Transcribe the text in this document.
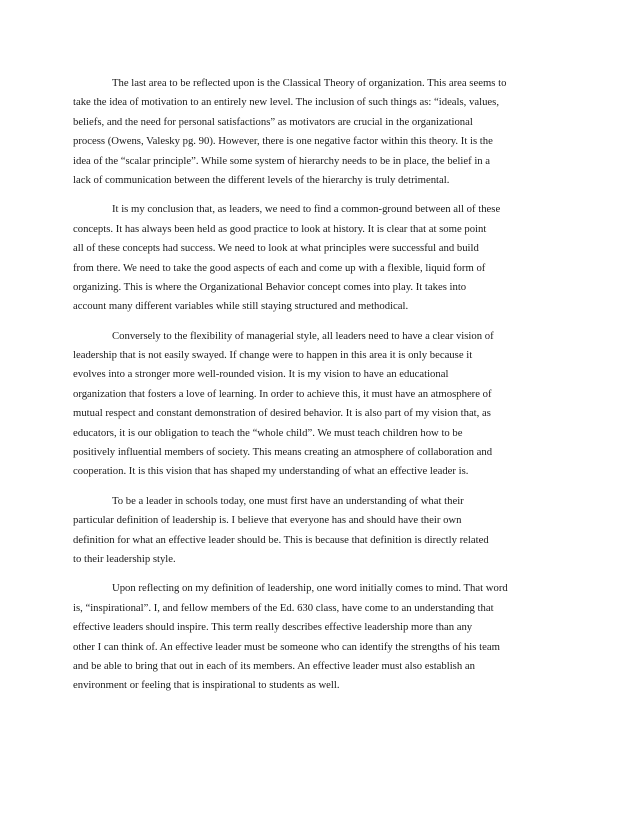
The last area to be reflected upon is the Classical Theory of organization. This area seems to
take the idea of motivation to an entirely new level. The inclusion of such things as: “ideals, values,
beliefs, and the need for personal satisfactions” as motivators are crucial in the organizational
process (Owens, Valesky pg. 90). However, there is one negative factor within this theory. It is the
idea of the “scalar principle”. While some system of hierarchy needs to be in place, the belief in a
lack of communication between the different levels of the hierarchy is truly detrimental.

It is my conclusion that, as leaders, we need to find a common-ground between all of these
concepts. It has always been held as good practice to look at history. It is clear that at some point
all of these concepts had success. We need to look at what principles were successful and build
from there. We need to take the good aspects of each and come up with a flexible, liquid form of
organizing. This is where the Organizational Behavior concept comes into play. It takes into
account many different variables while still staying structured and methodical.

Conversely to the flexibility of managerial style, all leaders need to have a clear vision of
leadership that is not easily swayed. If change were to happen in this area it is only because it
evolves into a stronger more well-rounded vision. It is my vision to have an educational
organization that fosters a love of learning. In order to achieve this, it must have an atmosphere of
mutual respect and constant demonstration of desired behavior. It is also part of my vision that, as
educators, it is our obligation to teach the “whole child”. We must teach children how to be
positively influential members of society. This means creating an atmosphere of collaboration and
cooperation. It is this vision that has shaped my understanding of what an effective leader is.

To be a leader in schools today, one must first have an understanding of what their
particular definition of leadership is. I believe that everyone has and should have their own
definition for what an effective leader should be. This is because that definition is directly related
to their leadership style.

Upon reflecting on my definition of leadership, one word initially comes to mind. That word
is, “inspirational”. I, and fellow members of the Ed. 630 class, have come to an understanding that
effective leaders should inspire. This term really describes effective leadership more than any
other I can think of. An effective leader must be someone who can identify the strengths of his team
and be able to bring that out in each of its members. An effective leader must also establish an
environment or feeling that is inspirational to students as well.
